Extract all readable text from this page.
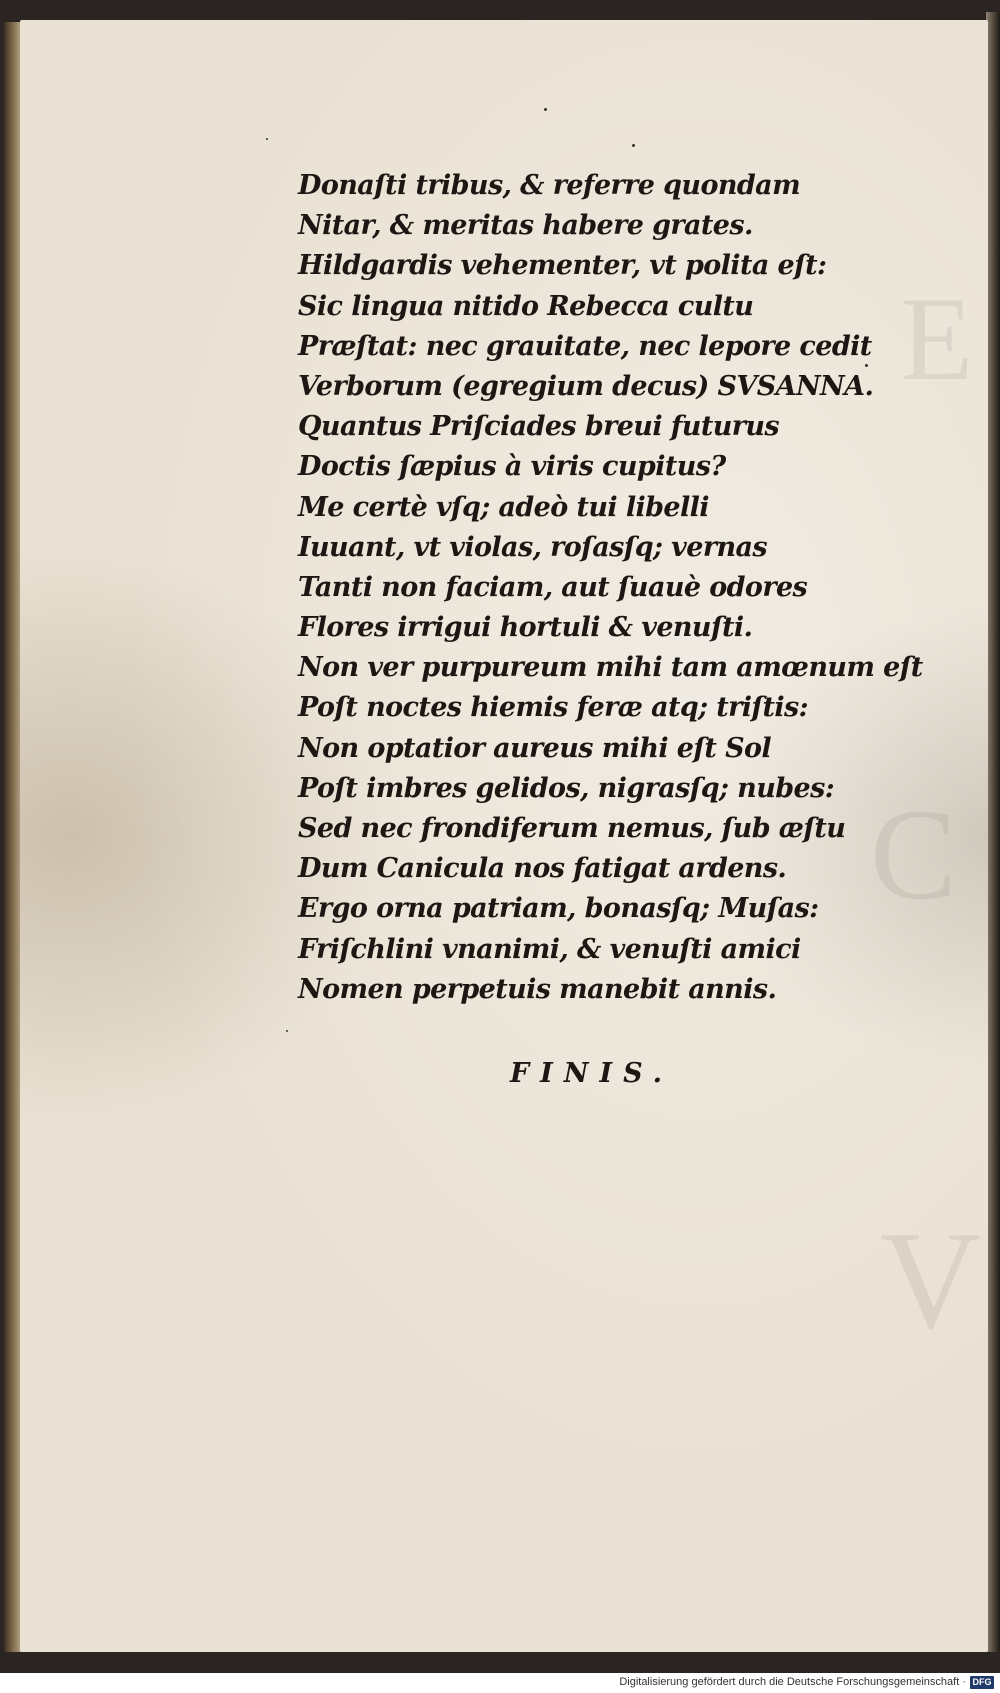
E
C
V
Donaſti tribus, & referre quondam
Nitar, & meritas habere grates.
Hildgardis vehementer, vt polita eſt:
Sic lingua nitido Rebecca cultu
Præſtat: nec grauitate, nec lepore cedit
Verborum (egregium decus) SVSANNA.
Quantus Priſciades breui futurus
Doctis ſæpius à viris cupitus?
Me certè vſq; adeò tui libelli
Iuuant, vt violas, roſasſq; vernas
Tanti non faciam, aut ſuauè odores
Flores irrigui hortuli & venuſti.
Non ver purpureum mihi tam amœnum eſt
Poſt noctes hiemis feræ atq; triſtis:
Non optatior aureus mihi eſt Sol
Poſt imbres gelidos, nigrasſq; nubes:
Sed nec frondiferum nemus, ſub æſtu
Dum Canicula nos fatigat ardens.
Ergo orna patriam, bonasſq; Muſas:
Friſchlini vnanimi, & venuſti amici
Nomen perpetuis manebit annis.
FINIS.
Digitalisierung gefördert durch die Deutsche Forschungsgemeinschaft · DFG
